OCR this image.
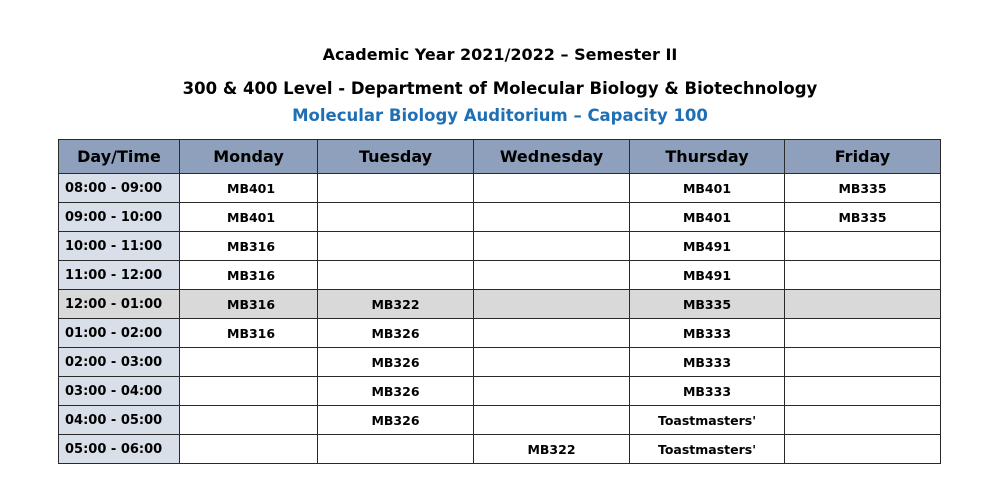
Academic Year 2021/2022 – Semester II
300 & 400 Level - Department of Molecular Biology & Biotechnology
Molecular Biology Auditorium – Capacity 100
Day/Time	Monday	Tuesday	Wednesday	Thursday	Friday
08:00 - 09:00	MB401			MB401	MB335
09:00 - 10:00	MB401			MB401	MB335
10:00 - 11:00	MB316			MB491	
11:00 - 12:00	MB316			MB491	
12:00 - 01:00	MB316	MB322		MB335	
01:00 - 02:00	MB316	MB326		MB333	
02:00 - 03:00		MB326		MB333	
03:00 - 04:00		MB326		MB333	
04:00 - 05:00		MB326		Toastmasters'	
05:00 - 06:00			MB322	Toastmasters'	
